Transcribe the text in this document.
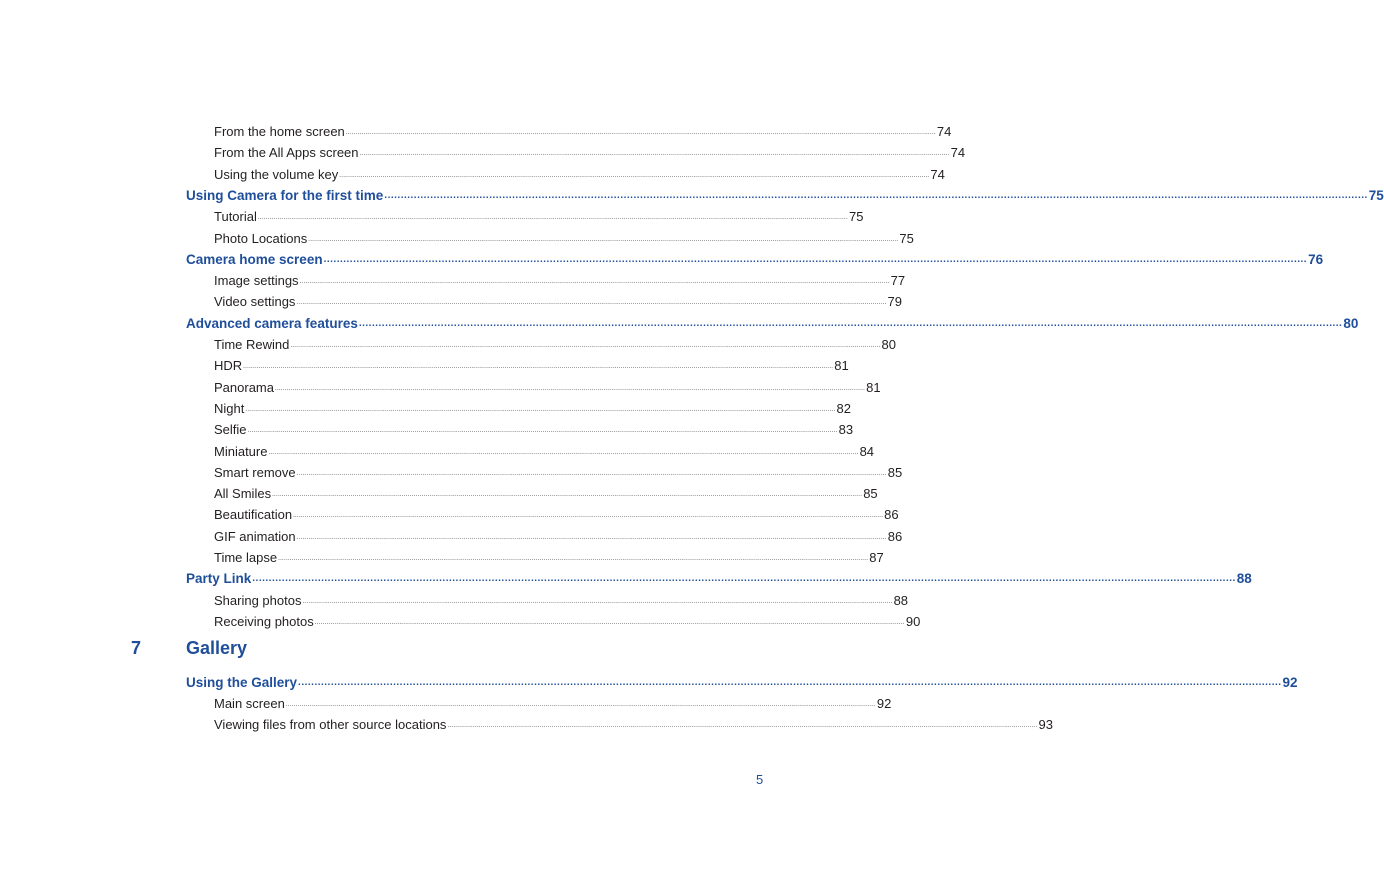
From the home screen ............................................................................................................................................................................................................................................................................................................ 74
From the All Apps screen ............................................................................................................................................................................................................................................................................................................ 74
Using the volume key ............................................................................................................................................................................................................................................................................................................ 74
Using Camera for the first time ............................................................................................................................................................................................................................................................................................................ 75
Tutorial ............................................................................................................................................................................................................................................................................................................ 75
Photo Locations ............................................................................................................................................................................................................................................................................................................ 75
Camera home screen ............................................................................................................................................................................................................................................................................................................ 76
Image settings ............................................................................................................................................................................................................................................................................................................ 77
Video settings ............................................................................................................................................................................................................................................................................................................ 79
Advanced camera features ............................................................................................................................................................................................................................................................................................................ 80
Time Rewind ............................................................................................................................................................................................................................................................................................................ 80
HDR ............................................................................................................................................................................................................................................................................................................ 81
Panorama ............................................................................................................................................................................................................................................................................................................ 81
Night ............................................................................................................................................................................................................................................................................................................ 82
Selfie ............................................................................................................................................................................................................................................................................................................ 83
Miniature ............................................................................................................................................................................................................................................................................................................ 84
Smart remove ............................................................................................................................................................................................................................................................................................................ 85
All Smiles ............................................................................................................................................................................................................................................................................................................ 85
Beautification ............................................................................................................................................................................................................................................................................................................ 86
GIF animation ............................................................................................................................................................................................................................................................................................................ 86
Time lapse ............................................................................................................................................................................................................................................................................................................ 87
Party Link ............................................................................................................................................................................................................................................................................................................ 88
Sharing photos ............................................................................................................................................................................................................................................................................................................ 88
Receiving photos ............................................................................................................................................................................................................................................................................................................ 90
7 Gallery
Using the Gallery ............................................................................................................................................................................................................................................................................................................ 92
Main screen ............................................................................................................................................................................................................................................................................................................ 92
Viewing files from other source locations ............................................................................................................................................................................................................................................................................................................ 93
5
